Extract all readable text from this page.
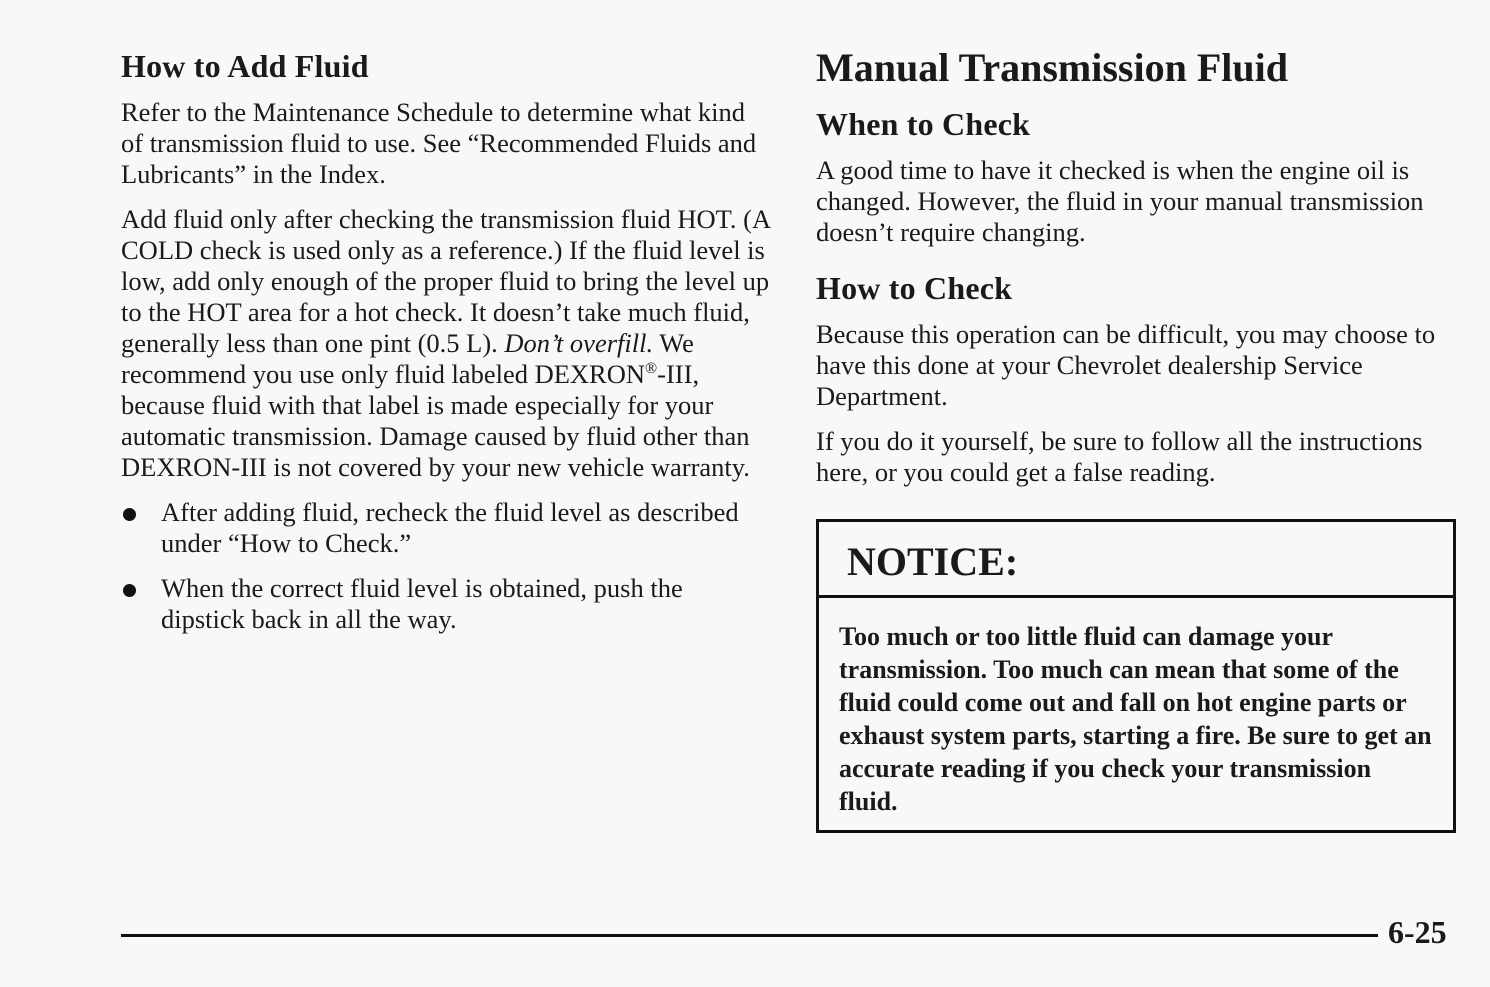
How to Add Fluid

Refer to the Maintenance Schedule to determine what kind of transmission fluid to use. See “Recommended Fluids and Lubricants” in the Index.

Add fluid only after checking the transmission fluid HOT. (A COLD check is used only as a reference.) If the fluid level is low, add only enough of the proper fluid to bring the level up to the HOT area for a hot check. It doesn’t take much fluid, generally less than one pint (0.5 L). Don’t overfill. We recommend you use only fluid labeled DEXRON®-III, because fluid with that label is made especially for your automatic transmission. Damage caused by fluid other than DEXRON-III is not covered by your new vehicle warranty.

After adding fluid, recheck the fluid level as described under “How to Check.”
When the correct fluid level is obtained, push the dipstick back in all the way.
Manual Transmission Fluid
When to Check

A good time to have it checked is when the engine oil is changed. However, the fluid in your manual transmission doesn’t require changing.

How to Check

Because this operation can be difficult, you may choose to have this done at your Chevrolet dealership Service Department.

If you do it yourself, be sure to follow all the instructions here, or you could get a false reading.

NOTICE:
Too much or too little fluid can damage your transmission. Too much can mean that some of the fluid could come out and fall on hot engine parts or exhaust system parts, starting a fire. Be sure to get an accurate reading if you check your transmission fluid.
6-25
